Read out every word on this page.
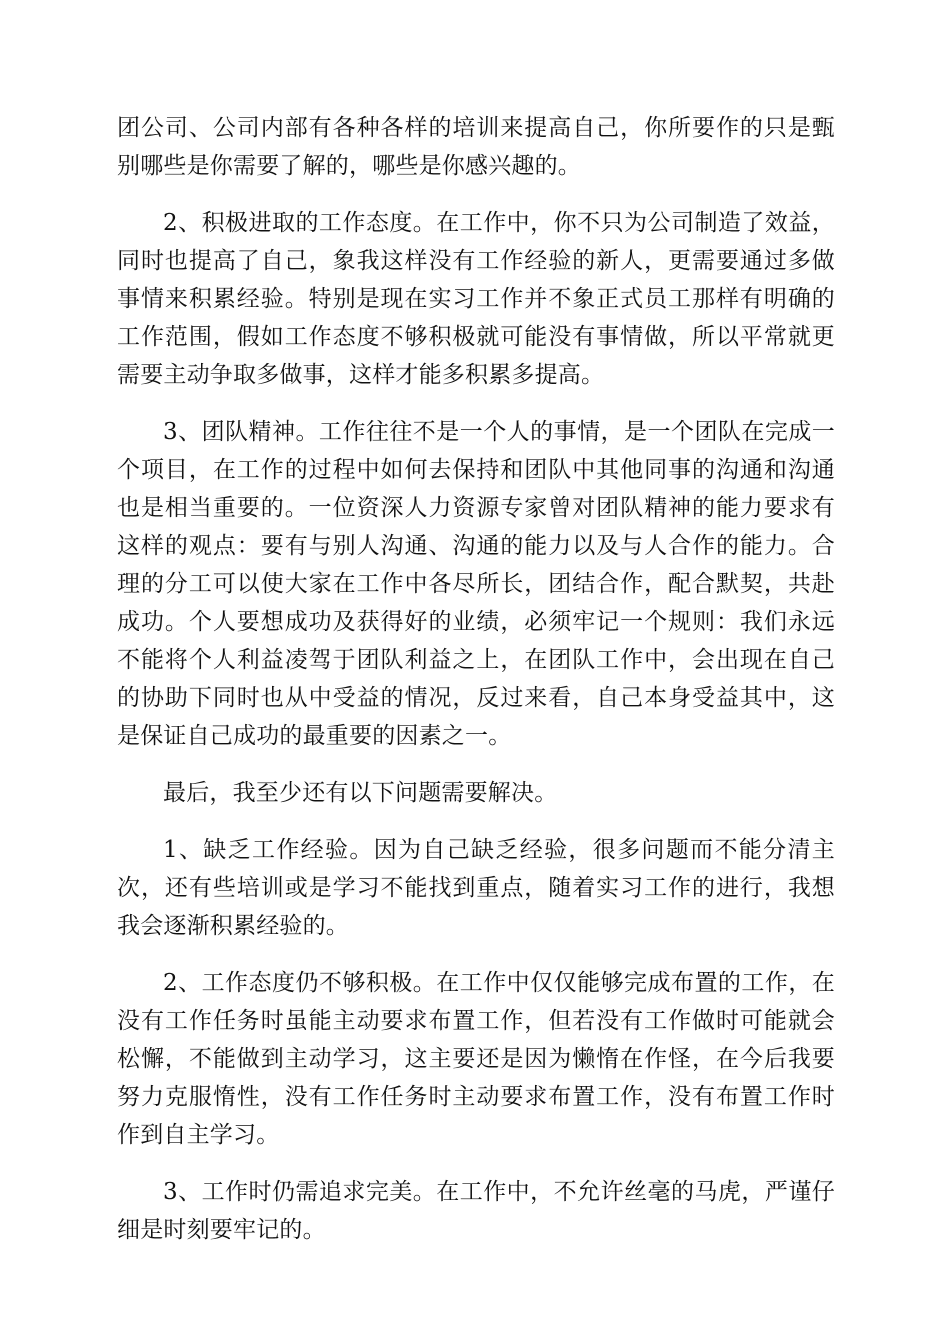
团公司、公司内部有各种各样的培训来提高自己，你所要作的只是甄别哪些是你需要了解的，哪些是你感兴趣的。

2、积极进取的工作态度。在工作中，你不只为公司制造了效益，同时也提高了自己，象我这样没有工作经验的新人，更需要通过多做事情来积累经验。特别是现在实习工作并不象正式员工那样有明确的工作范围，假如工作态度不够积极就可能没有事情做，所以平常就更需要主动争取多做事，这样才能多积累多提高。

3、团队精神。工作往往不是一个人的事情，是一个团队在完成一个项目，在工作的过程中如何去保持和团队中其他同事的沟通和沟通也是相当重要的。一位资深人力资源专家曾对团队精神的能力要求有这样的观点：要有与别人沟通、沟通的能力以及与人合作的能力。合理的分工可以使大家在工作中各尽所长，团结合作，配合默契，共赴成功。个人要想成功及获得好的业绩，必须牢记一个规则：我们永远不能将个人利益凌驾于团队利益之上，在团队工作中，会出现在自己的协助下同时也从中受益的情况，反过来看，自己本身受益其中，这是保证自己成功的最重要的因素之一。

最后，我至少还有以下问题需要解决。

1、缺乏工作经验。因为自己缺乏经验，很多问题而不能分清主次，还有些培训或是学习不能找到重点，随着实习工作的进行，我想我会逐渐积累经验的。

2、工作态度仍不够积极。在工作中仅仅能够完成布置的工作，在没有工作任务时虽能主动要求布置工作，但若没有工作做时可能就会松懈，不能做到主动学习，这主要还是因为懒惰在作怪，在今后我要努力克服惰性，没有工作任务时主动要求布置工作，没有布置工作时作到自主学习。

3、工作时仍需追求完美。在工作中，不允许丝毫的马虎，严谨仔细是时刻要牢记的。
